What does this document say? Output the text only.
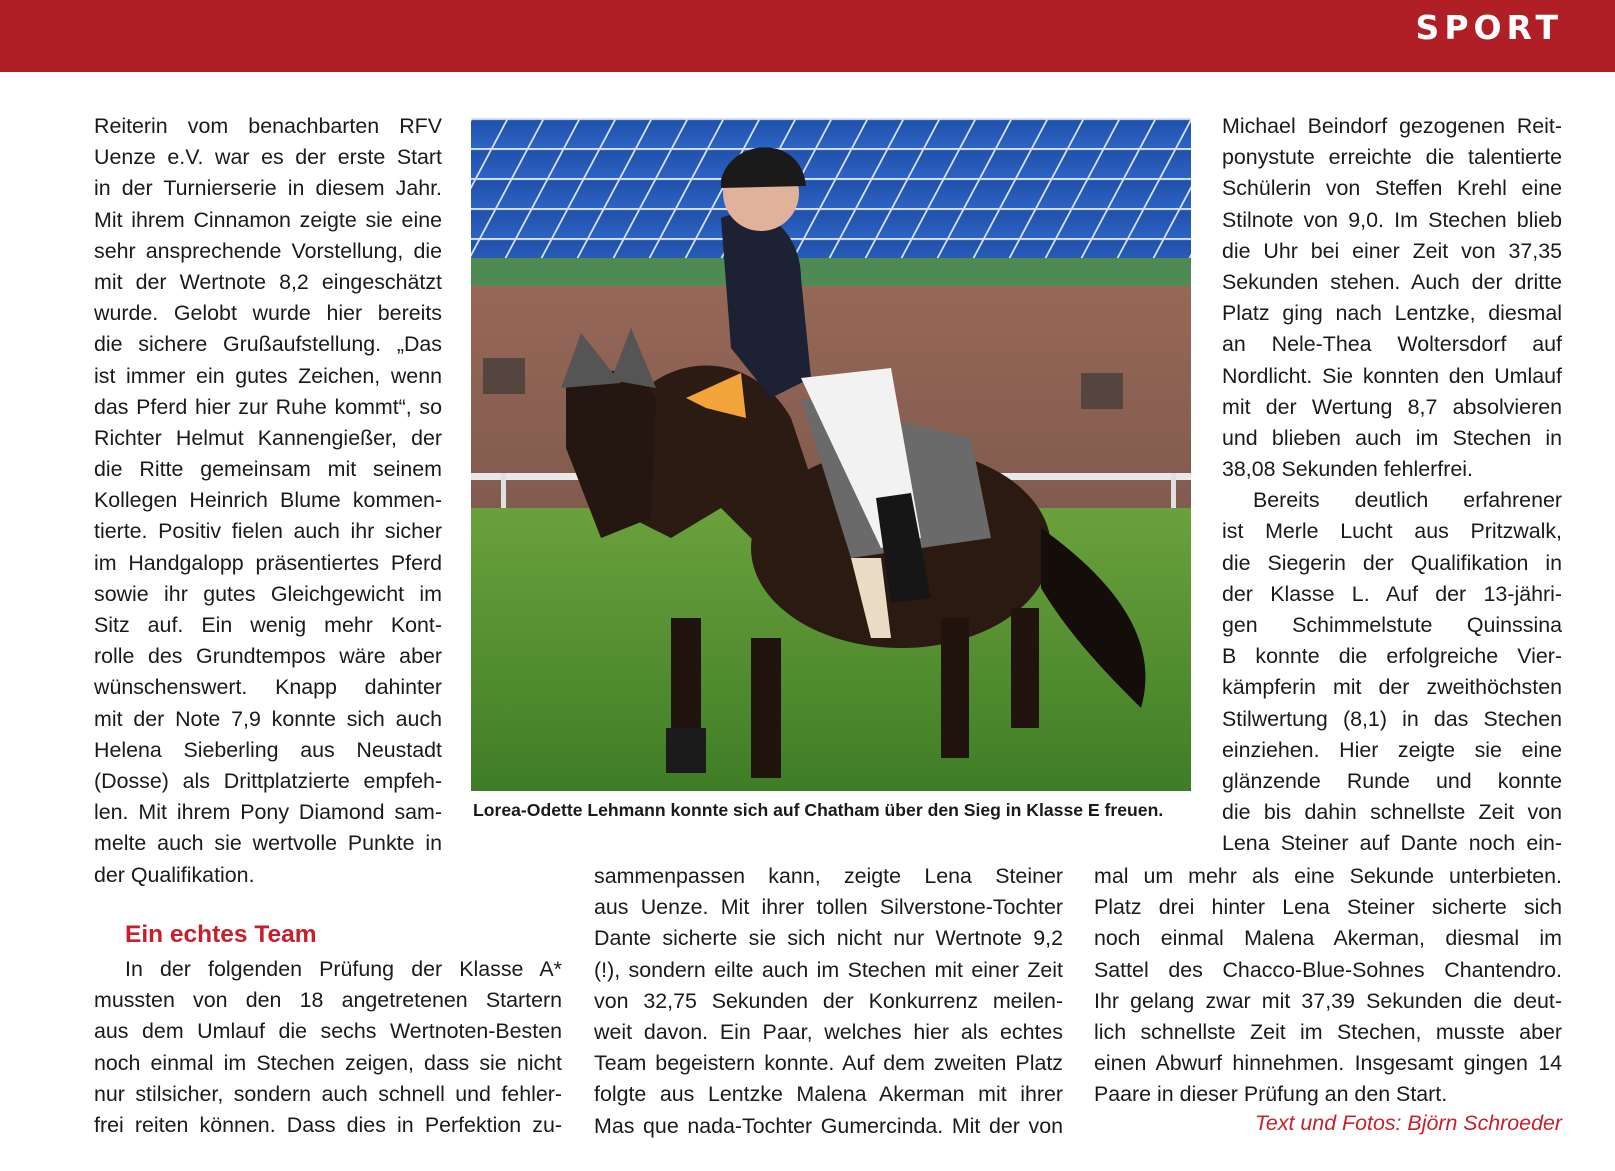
SPORT
Reiterin vom benachbarten RFV
Uenze e.V. war es der erste Start
in der Turnierserie in diesem Jahr.
Mit ihrem Cinnamon zeigte sie eine
sehr ansprechende Vorstellung, die
mit der Wertnote 8,2 eingeschätzt
wurde. Gelobt wurde hier bereits
die sichere Grußaufstellung. „Das
ist immer ein gutes Zeichen, wenn
das Pferd hier zur Ruhe kommt“, so
Richter Helmut Kannengießer, der
die Ritte gemeinsam mit seinem
Kollegen Heinrich Blume kommen-
tierte. Positiv fielen auch ihr sicher
im Handgalopp präsentiertes Pferd
sowie ihr gutes Gleichgewicht im
Sitz auf. Ein wenig mehr Kont-
rolle des Grundtempos wäre aber
wünschenswert. Knapp dahinter
mit der Note 7,9 konnte sich auch
Helena Sieberling aus Neustadt
(Dosse) als Drittplatzierte empfeh-
len. Mit ihrem Pony Diamond sam-
melte auch sie wertvolle Punkte in
der Qualifikation.
Lorea-Odette Lehmann konnte sich auf Chatham über den Sieg in Klasse E freuen.
Michael Beindorf gezogenen Reit-
ponystute erreichte die talentierte
Schülerin von Steffen Krehl eine
Stilnote von 9,0. Im Stechen blieb
die Uhr bei einer Zeit von 37,35
Sekunden stehen. Auch der dritte
Platz ging nach Lentzke, diesmal
an Nele-Thea Woltersdorf auf
Nordlicht. Sie konnten den Umlauf
mit der Wertung 8,7 absolvieren
und blieben auch im Stechen in
38,08 Sekunden fehlerfrei.
Bereits deutlich erfahrener
ist Merle Lucht aus Pritzwalk,
die Siegerin der Qualifikation in
der Klasse L. Auf der 13-jähri-
gen Schimmelstute Quinssina
B konnte die erfolgreiche Vier-
kämpferin mit der zweithöchsten
Stilwertung (8,1) in das Stechen
einziehen. Hier zeigte sie eine
glänzende Runde und konnte
die bis dahin schnellste Zeit von
Lena Steiner auf Dante noch ein-
Ein echtes Team
In der folgenden Prüfung der Klasse A*
mussten von den 18 angetretenen Startern
aus dem Umlauf die sechs Wertnoten-Besten
noch einmal im Stechen zeigen, dass sie nicht
nur stilsicher, sondern auch schnell und fehler-
frei reiten können. Dass dies in Perfektion zu-
sammenpassen kann, zeigte Lena Steiner
aus Uenze. Mit ihrer tollen Silverstone-Tochter
Dante sicherte sie sich nicht nur Wertnote 9,2
(!), sondern eilte auch im Stechen mit einer Zeit
von 32,75 Sekunden der Konkurrenz meilen-
weit davon. Ein Paar, welches hier als echtes
Team begeistern konnte. Auf dem zweiten Platz
folgte aus Lentzke Malena Akerman mit ihrer
Mas que nada-Tochter Gumercinda. Mit der von
mal um mehr als eine Sekunde unterbieten.
Platz drei hinter Lena Steiner sicherte sich
noch einmal Malena Akerman, diesmal im
Sattel des Chacco-Blue-Sohnes Chantendro.
Ihr gelang zwar mit 37,39 Sekunden die deut-
lich schnellste Zeit im Stechen, musste aber
einen Abwurf hinnehmen. Insgesamt gingen 14
Paare in dieser Prüfung an den Start.
Text und Fotos: Björn Schroeder
